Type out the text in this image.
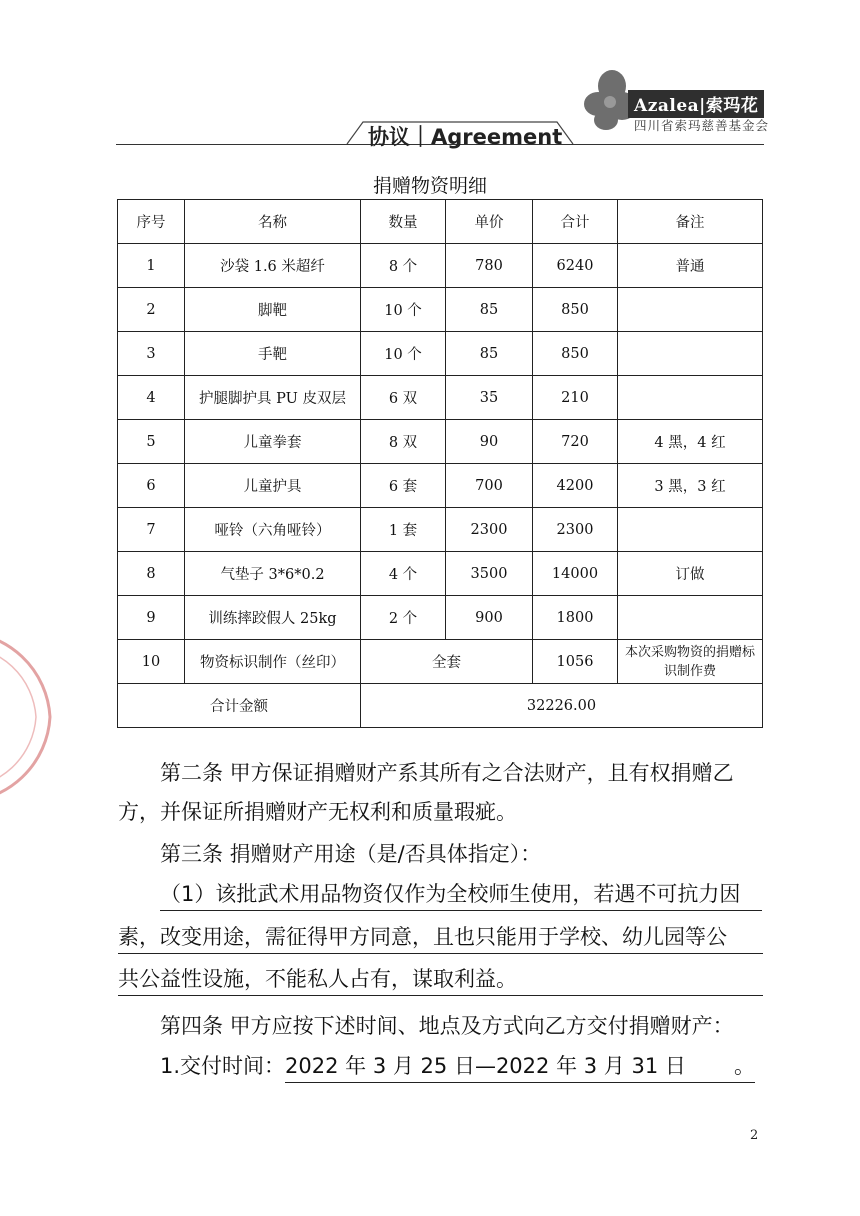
Azalea|索玛花
四川省索玛慈善基金会
协议｜Agreement
捐赠物资明细
序号	名称	数量	单价	合计	备注
1	沙袋 1.6 米超纤	8 个	780	6240	普通
2	脚靶	10 个	85	850	
3	手靶	10 个	85	850	
4	护腿脚护具 PU 皮双层	6 双	35	210	
5	儿童拳套	8 双	90	720	4 黑，4 红
6	儿童护具	6 套	700	4200	3 黑，3 红
7	哑铃（六角哑铃）	1 套	2300	2300	
8	气垫子 3*6*0.2	4 个	3500	14000	订做
9	训练摔跤假人 25kg	2 个	900	1800	
10	物资标识制作（丝印）	全套		1056	本次采购物资的捐赠标识制作费

合计金额		32226.00			
第二条 甲方保证捐赠财产系其所有之合法财产，且有权捐赠乙
方，并保证所捐赠财产无权利和质量瑕疵。
第三条 捐赠财产用途（是/否具体指定）：
（1）该批武术用品物资仅作为全校师生使用，若遇不可抗力因
素，改变用途，需征得甲方同意，且也只能用于学校、幼儿园等公
共公益性设施，不能私人占有，谋取利益。
第四条 甲方应按下述时间、地点及方式向乙方交付捐赠财产：
1.交付时间：2022 年 3 月 25 日—2022 年 3 月 31 日 。
2
